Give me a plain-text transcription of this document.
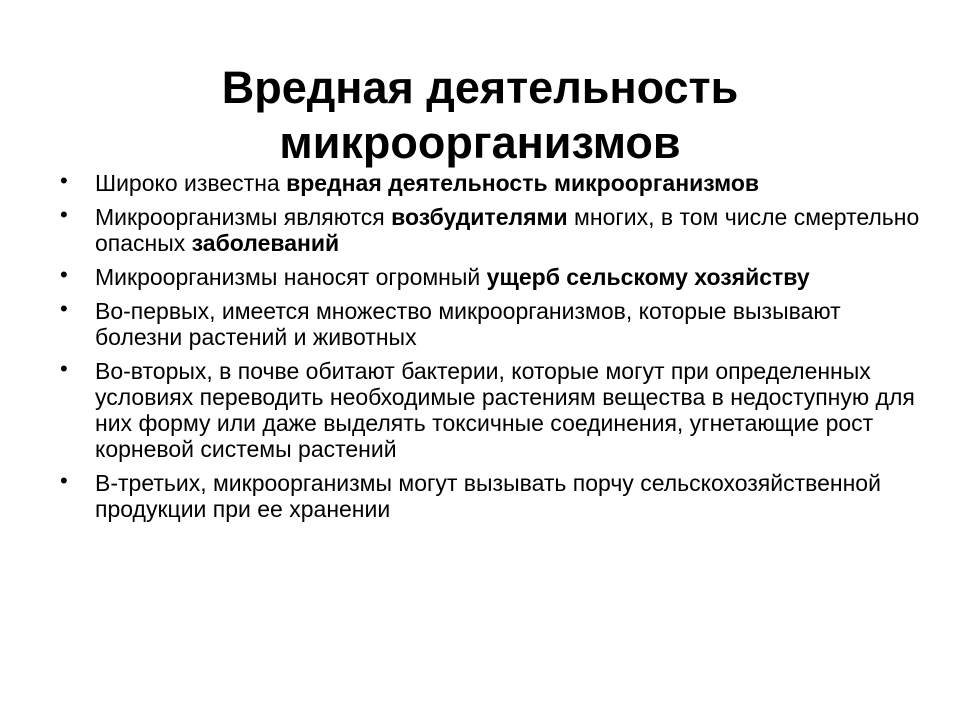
Вредная деятельность
микроорганизмов
• Широко известна вредная деятельность микроорганизмов
• Микроорганизмы являются возбудителями многих, в том числе смертельно опасных заболеваний
• Микроорганизмы наносят огромный ущерб сельскому хозяйству
• Во-первых, имеется множество микроорганизмов, которые вызывают болезни растений и животных
• Во-вторых, в почве обитают бактерии, которые могут при определенных условиях переводить необходимые растениям вещества в недоступную для них форму или даже выделять токсичные соединения, угнетающие рост корневой системы растений
• В-третьих, микроорганизмы могут вызывать порчу сельскохозяйственной продукции при ее хранении
